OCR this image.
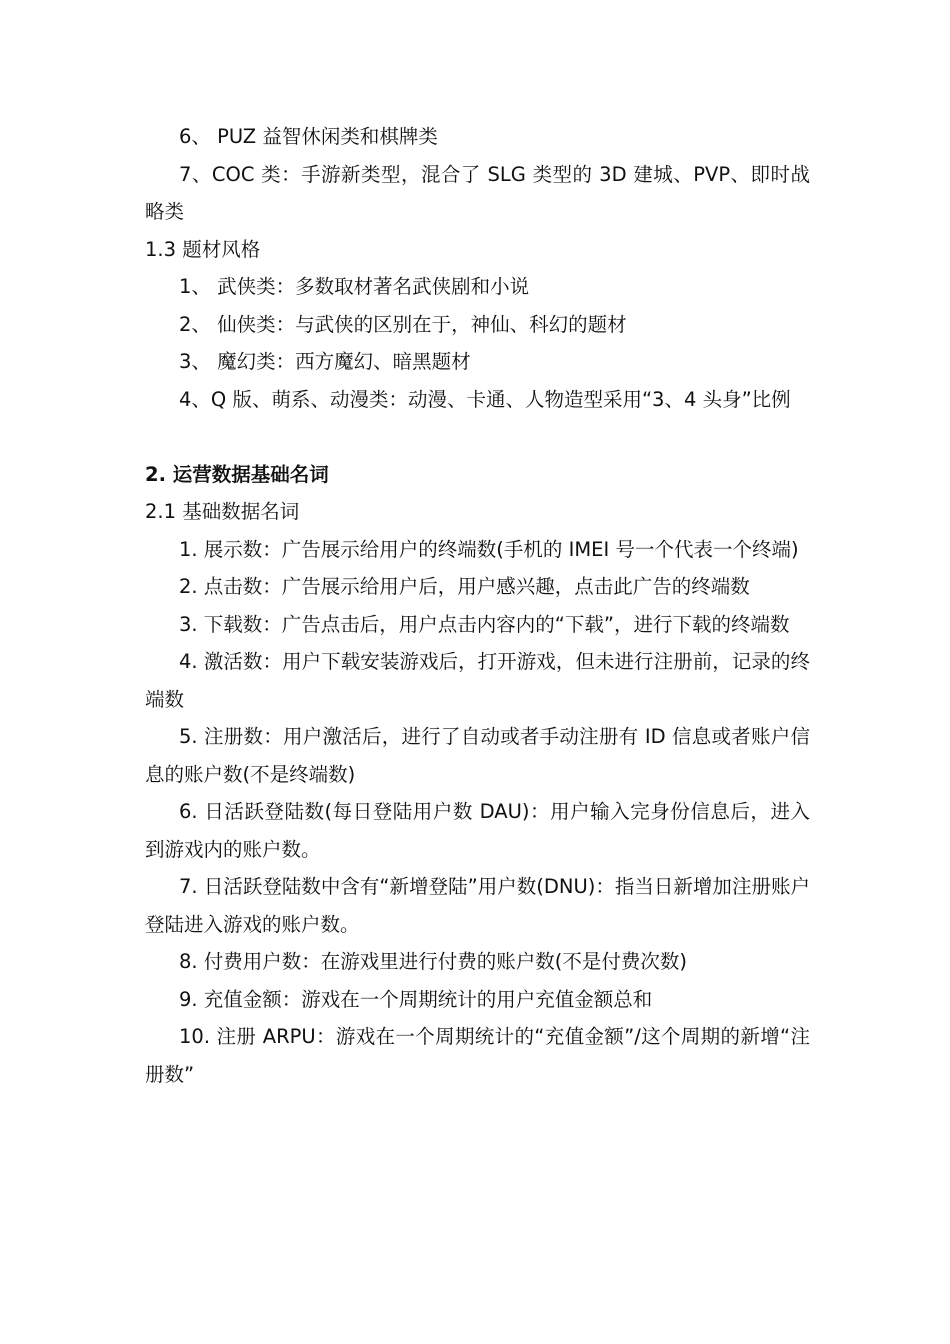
6、 PUZ 益智休闲类和棋牌类

7、COC 类：手游新类型，混合了 SLG 类型的 3D 建城、PVP、即时战略类

1.3 题材风格

1、 武侠类：多数取材著名武侠剧和小说

2、 仙侠类：与武侠的区别在于，神仙、科幻的题材

3、 魔幻类：西方魔幻、暗黑题材

4、Q 版、萌系、动漫类：动漫、卡通、人物造型采用“3、4 头身”比例

2. 运营数据基础名词

2.1 基础数据名词

1. 展示数：广告展示给用户的终端数(手机的 IMEI 号一个代表一个终端)

2. 点击数：广告展示给用户后，用户感兴趣，点击此广告的终端数

3. 下载数：广告点击后，用户点击内容内的“下载”，进行下载的终端数

4. 激活数：用户下载安装游戏后，打开游戏，但未进行注册前，记录的终端数

5. 注册数：用户激活后，进行了自动或者手动注册有 ID 信息或者账户信息的账户数(不是终端数)

6. 日活跃登陆数(每日登陆用户数 DAU)：用户输入完身份信息后，进入到游戏内的账户数。

7. 日活跃登陆数中含有“新增登陆”用户数(DNU)：指当日新增加注册账户登陆进入游戏的账户数。

8. 付费用户数：在游戏里进行付费的账户数(不是付费次数)

9. 充值金额：游戏在一个周期统计的用户充值金额总和

10. 注册 ARPU：游戏在一个周期统计的“充值金额”/这个周期的新增“注册数”
